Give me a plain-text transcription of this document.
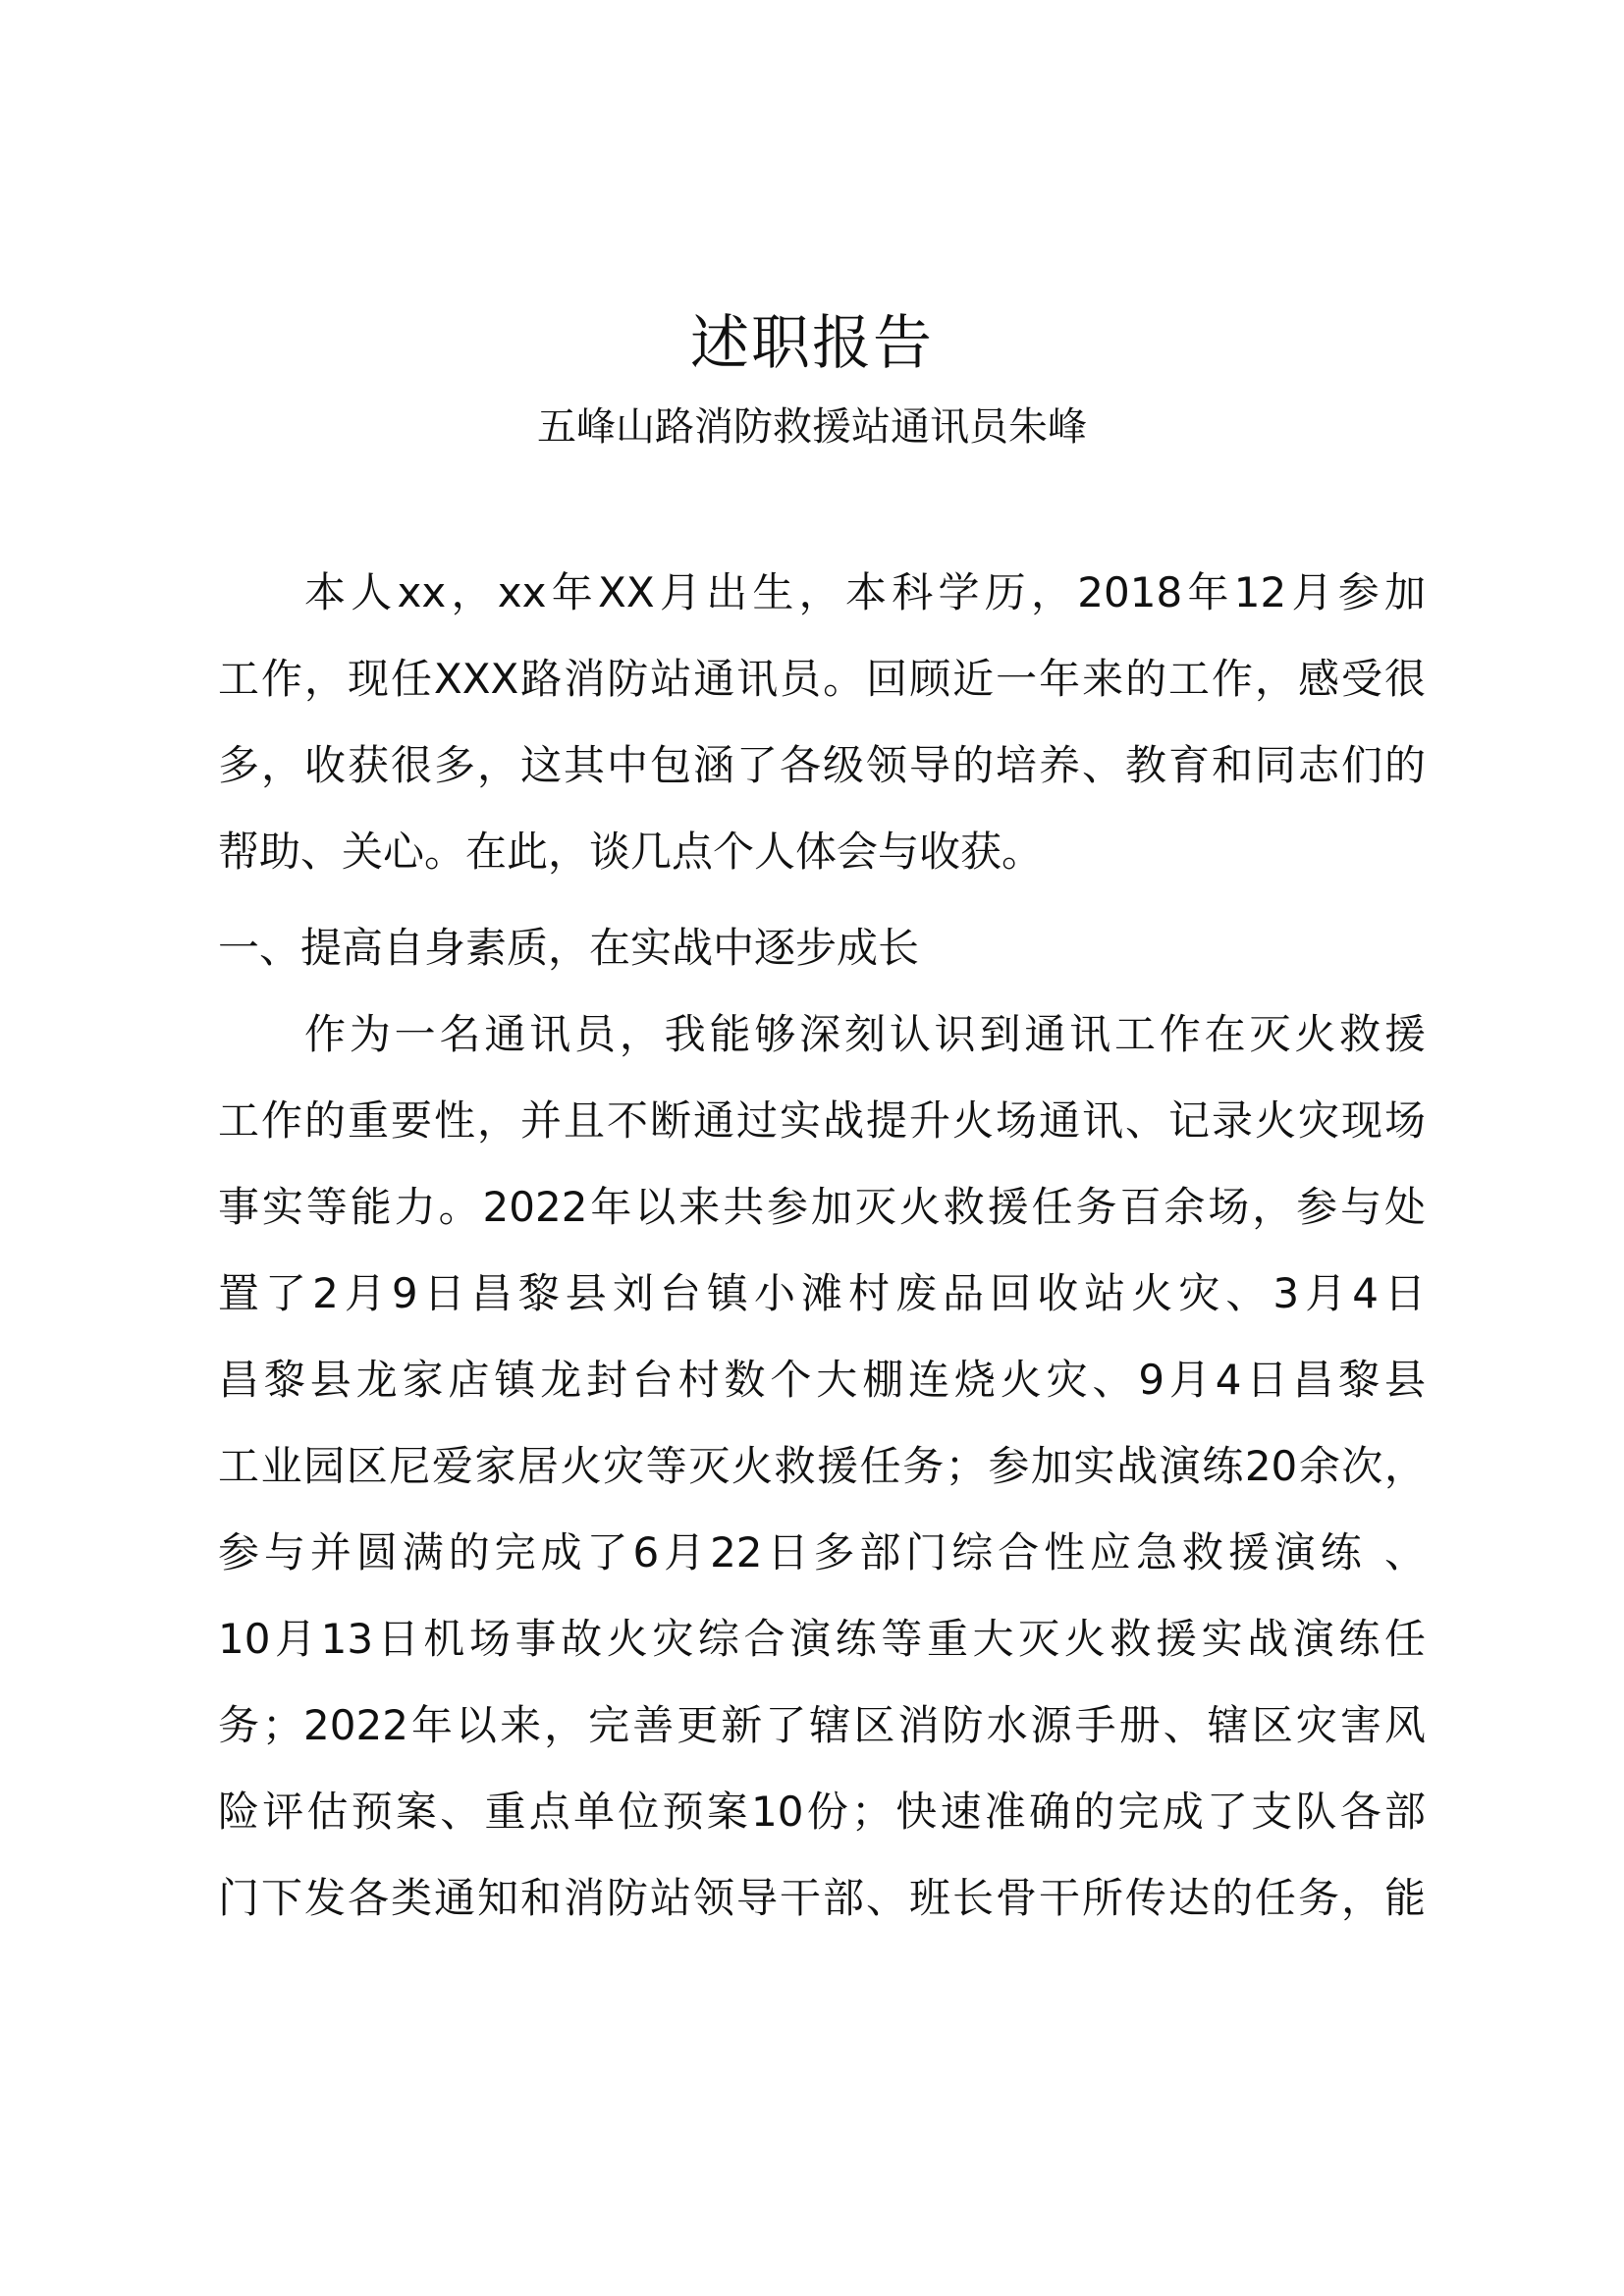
述职报告
五峰山路消防救援站通讯员朱峰
本人xx，xx年XX月出生，本科学历，2018年12月参加
工作，现任XXX路消防站通讯员。回顾近一年来的工作，感受很
多，收获很多，这其中包涵了各级领导的培养、教育和同志们的
帮助、关心。在此，谈几点个人体会与收获。
一、提高自身素质，在实战中逐步成长
作为一名通讯员，我能够深刻认识到通讯工作在灭火救援
工作的重要性，并且不断通过实战提升火场通讯、记录火灾现场
事实等能力。2022年以来共参加灭火救援任务百余场，参与处
置了2月9日昌黎县刘台镇小滩村废品回收站火灾、3月4日
昌黎县龙家店镇龙封台村数个大棚连烧火灾、9月4日昌黎县
工业园区尼爱家居火灾等灭火救援任务；参加实战演练20余次，
参与并圆满的完成了6月22日多部门综合性应急救援演练 、
10月13日机场事故火灾综合演练等重大灭火救援实战演练任
务；2022年以来，完善更新了辖区消防水源手册、辖区灾害风
险评估预案、重点单位预案10份；快速准确的完成了支队各部
门下发各类通知和消防站领导干部、班长骨干所传达的任务，能
